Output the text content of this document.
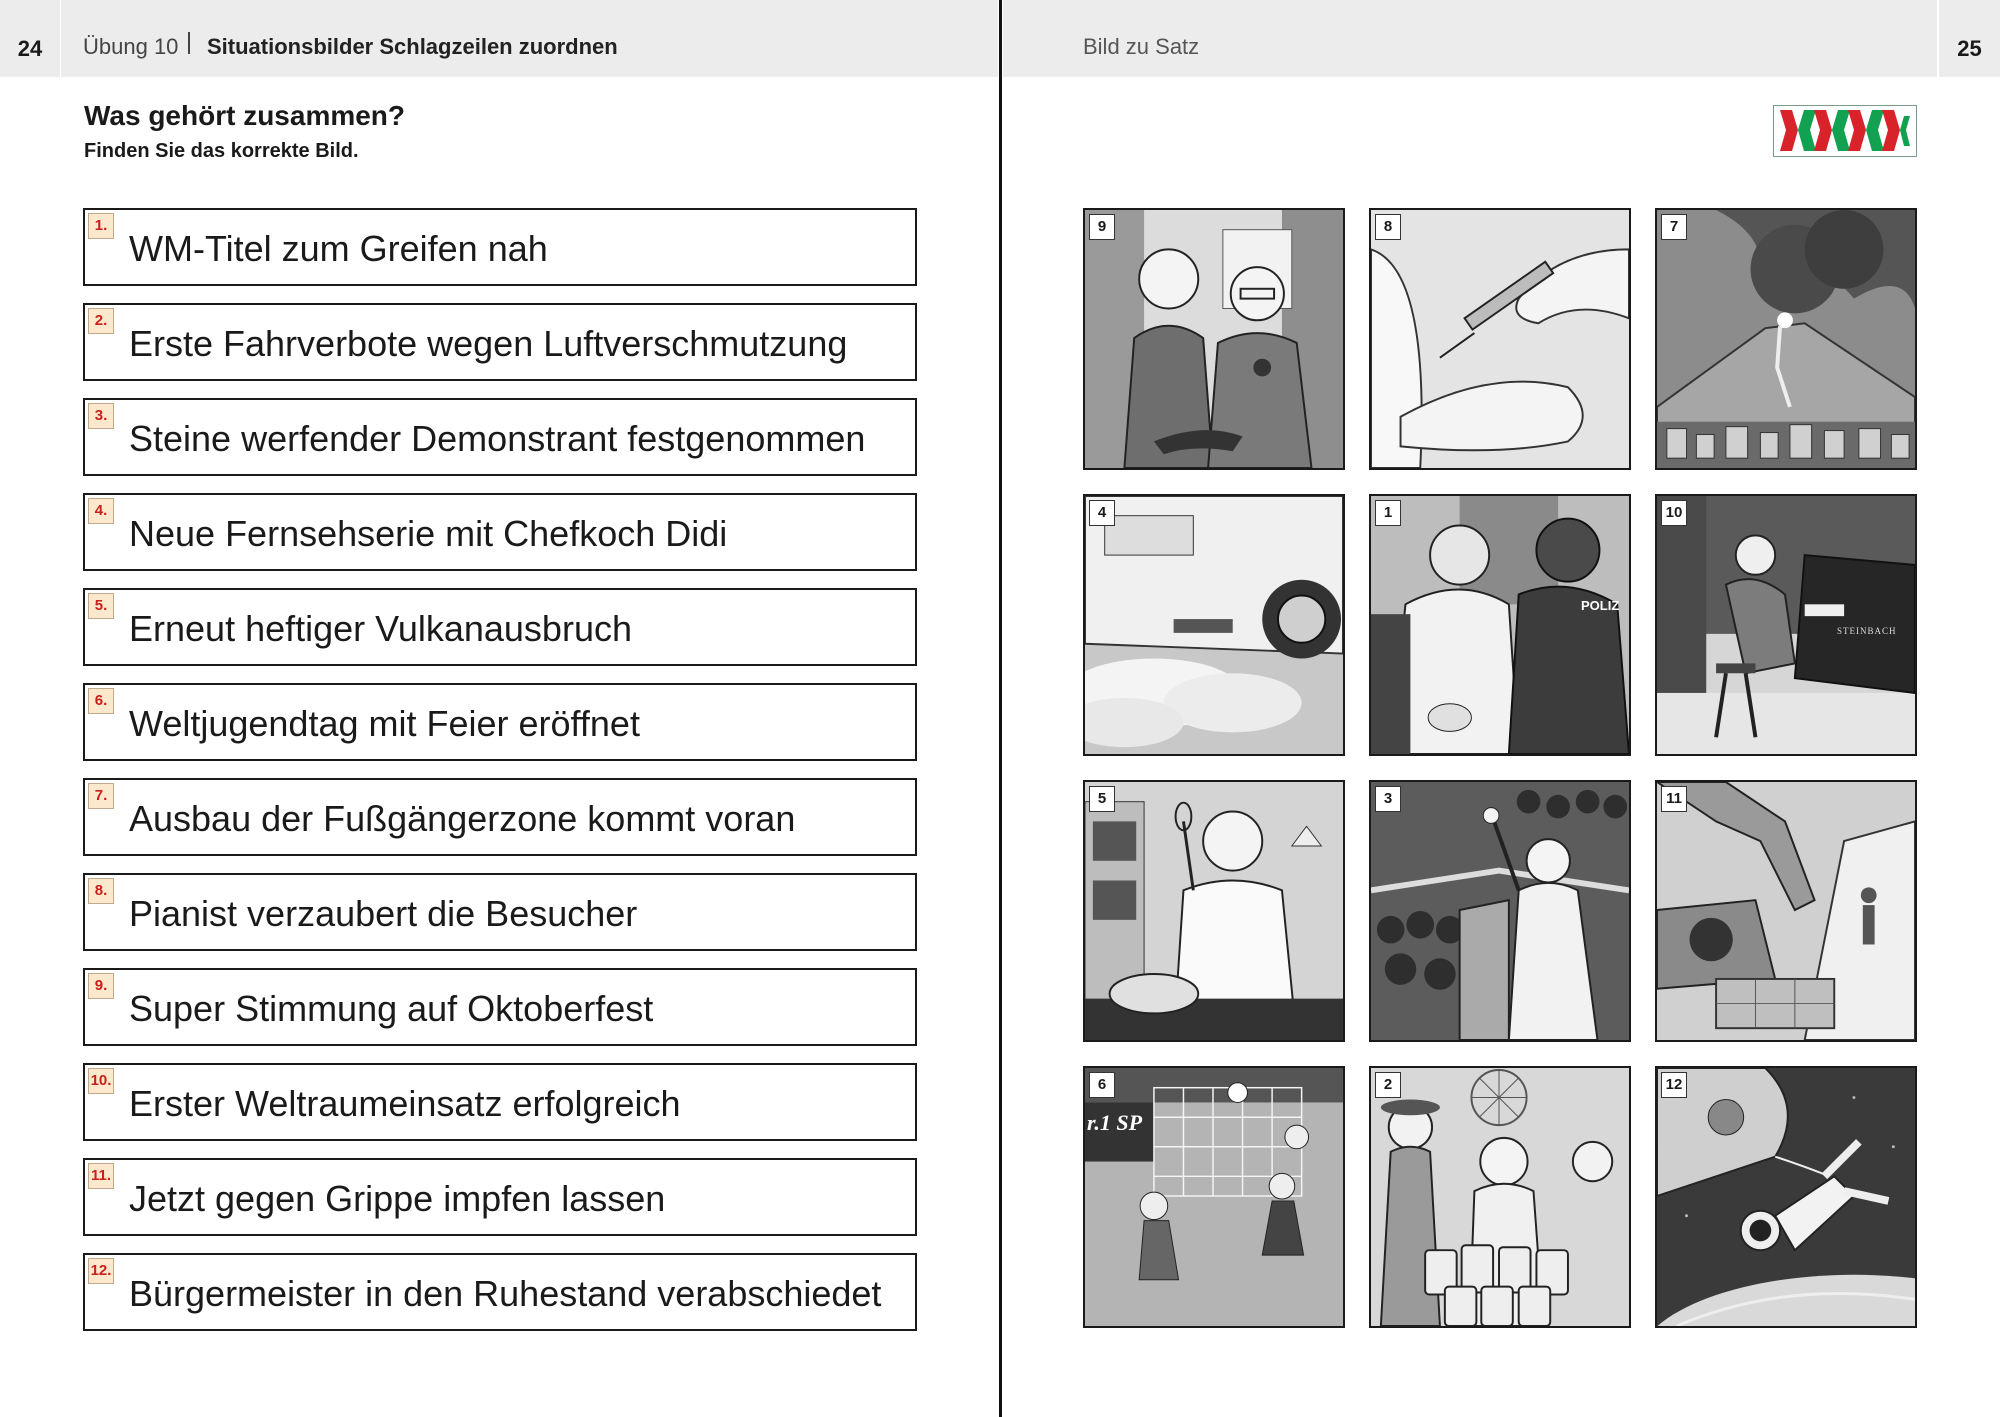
24	25
Übung 10 Situationsbilder Schlagzeilen zuordnen	Bild zu Satz
Was gehört zusammen?
Finden Sie das korrekte Bild.
1.
WM-Titel zum Greifen nah
2.
Erste Fahrverbote wegen Luftverschmutzung
3.
Steine werfender Demonstrant festgenommen
4.
Neue Fernsehserie mit Chefkoch Didi
5.
Erneut heftiger Vulkanausbruch
6.
Weltjugendtag mit Feier eröffnet
7.
Ausbau der Fußgängerzone kommt voran
8.
Pianist verzaubert die Besucher
9.
Super Stimmung auf Oktoberfest
10.
Erster Weltraumeinsatz erfolgreich
11.
Jetzt gegen Grippe impfen lassen
12.
Bürgermeister in den Ruhestand verabschiedet
9	8	7
4	1
POLIZ
10
STEINBACH
5	3	11
6
r.1 SP
2	12
